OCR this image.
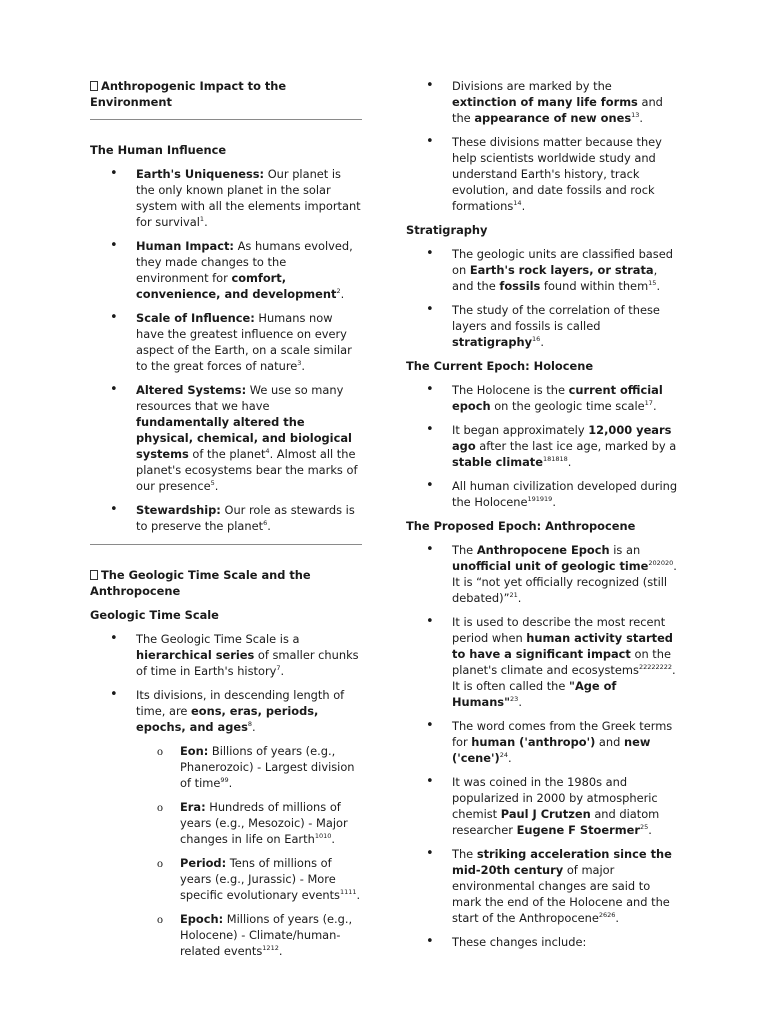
Anthropogenic Impact to the Environment

The Human Influence

• Earth's Uniqueness: Our planet is the only known planet in the solar system with all the elements important for survival$^1$.
• Human Impact: As humans evolved, they made changes to the environment for comfort, convenience, and development$^2$.
• Scale of Influence: Humans now have the greatest influence on every aspect of the Earth, on a scale similar to the great forces of nature$^3$.
• Altered Systems: We use so many resources that we have fundamentally altered the physical, chemical, and biological systems of the planet$^4$. Almost all the planet's ecosystems bear the marks of our presence$^5$.
• Stewardship: Our role as stewards is to preserve the planet$^6$.

The Geologic Time Scale and the Anthropocene

Geologic Time Scale

• The Geologic Time Scale is a hierarchical series of smaller chunks of time in Earth's history$^7$.
• Its divisions, in descending length of time, are eons, eras, periods, epochs, and ages$^8$.
o Eon: Billions of years (e.g., Phanerozoic) - Largest division of time$^{99}$.
o Era: Hundreds of millions of years (e.g., Mesozoic) - Major changes in life on Earth$^{1010}$.
o Period: Tens of millions of years (e.g., Jurassic) - More specific evolutionary events$^{1111}$.
o Epoch: Millions of years (e.g., Holocene) - Climate/human-related events$^{1212}$.
• Divisions are marked by the extinction of many life forms and the appearance of new ones$^{13}$.
• These divisions matter because they help scientists worldwide study and understand Earth's history, track evolution, and date fossils and rock formations$^{14}$.

Stratigraphy

• The geologic units are classified based on Earth's rock layers, or strata, and the fossils found within them$^{15}$.
• The study of the correlation of these layers and fossils is called stratigraphy$^{16}$.

The Current Epoch: Holocene

• The Holocene is the current official epoch on the geologic time scale$^{17}$.
• It began approximately 12,000 years ago after the last ice age, marked by a stable climate$^{181818}$.
• All human civilization developed during the Holocene$^{191919}$.

The Proposed Epoch: Anthropocene

• The Anthropocene Epoch is an unofficial unit of geologic time$^{202020}$. It is “not yet officially recognized (still debated)”$^{21}$.
• It is used to describe the most recent period when human activity started to have a significant impact on the planet's climate and ecosystems$^{22222222}$. It is often called the "Age of Humans"$^{23}$.
• The word comes from the Greek terms for human ('anthropo') and new ('cene')$^{24}$.
• It was coined in the 1980s and popularized in 2000 by atmospheric chemist Paul J Crutzen and diatom researcher Eugene F Stoermer$^{25}$.
• The striking acceleration since the mid-20th century of major environmental changes are said to mark the end of the Holocene and the start of the Anthropocene$^{2626}$.
• These changes include:
